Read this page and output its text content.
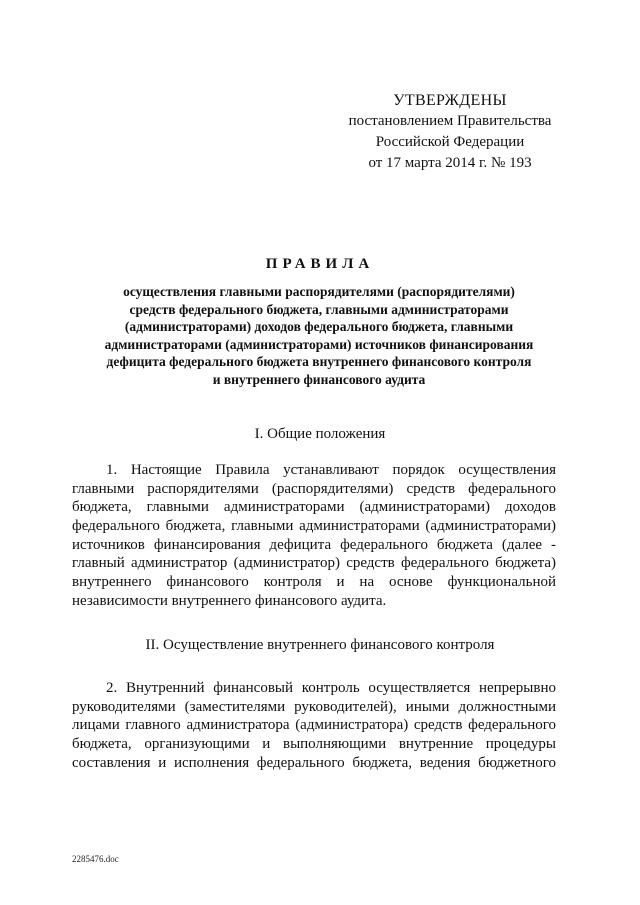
УТВЕРЖДЕНЫ
постановлением Правительства
Российской Федерации
от 17 марта 2014 г. № 193
ПРАВИЛА
осуществления главными распорядителями (распорядителями)
средств федерального бюджета, главными администраторами
(администраторами) доходов федерального бюджета, главными
администраторами (администраторами) источников финансирования
дефицита федерального бюджета внутреннего финансового контроля
и внутреннего финансового аудита
I. Общие положения
1. Настоящие Правила устанавливают порядок осуществления
главными распорядителями (распорядителями) средств федерального
бюджета, главными администраторами (администраторами) доходов
федерального бюджета, главными администраторами (администраторами)
источников финансирования дефицита федерального бюджета (далее -
главный администратор (администратор) средств федерального бюджета)
внутреннего финансового контроля и на основе функциональной
независимости внутреннего финансового аудита.
II. Осуществление внутреннего финансового контроля
2. Внутренний финансовый контроль осуществляется непрерывно
руководителями (заместителями руководителей), иными должностными
лицами главного администратора (администратора) средств федерального
бюджета, организующими и выполняющими внутренние процедуры
составления и исполнения федерального бюджета, ведения бюджетного
2285476.doc
